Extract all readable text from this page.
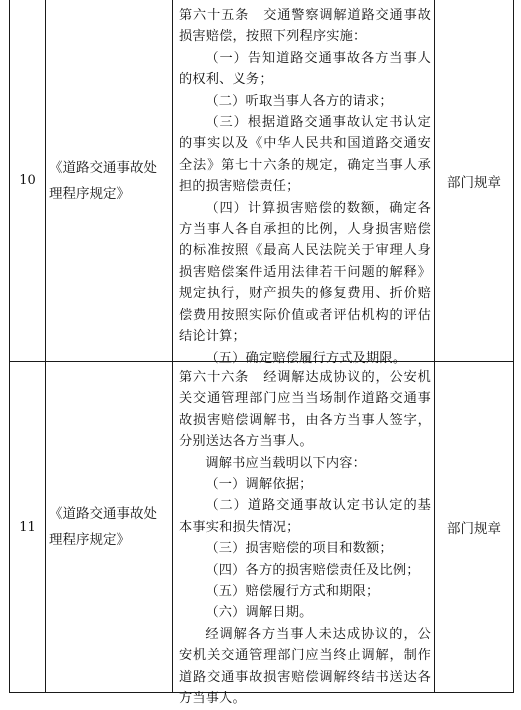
10
《道路交通事故处理程序规定》

第六十五条　交通警察调解道路交通事故损害赔偿，按照下列程序实施：

（一）告知道路交通事故各方当事人的权利、义务；

（二）听取当事人各方的请求；

（三）根据道路交通事故认定书认定的事实以及《中华人民共和国道路交通安全法》第七十六条的规定，确定当事人承担的损害赔偿责任；

（四）计算损害赔偿的数额，确定各方当事人各自承担的比例，人身损害赔偿的标准按照《最高人民法院关于审理人身损害赔偿案件适用法律若干问题的解释》规定执行，财产损失的修复费用、折价赔偿费用按照实际价值或者评估机构的评估结论计算；

（五）确定赔偿履行方式及期限。

部门规章
11
《道路交通事故处理程序规定》

第六十六条　经调解达成协议的，公安机关交通管理部门应当当场制作道路交通事故损害赔偿调解书，由各方当事人签字，分别送达各方当事人。

调解书应当载明以下内容：

（一）调解依据；

（二）道路交通事故认定书认定的基本事实和损失情况；

（三）损害赔偿的项目和数额；

（四）各方的损害赔偿责任及比例；

（五）赔偿履行方式和期限；

（六）调解日期。

经调解各方当事人未达成协议的，公安机关交通管理部门应当终止调解，制作道路交通事故损害赔偿调解终结书送达各方当事人。

部门规章
